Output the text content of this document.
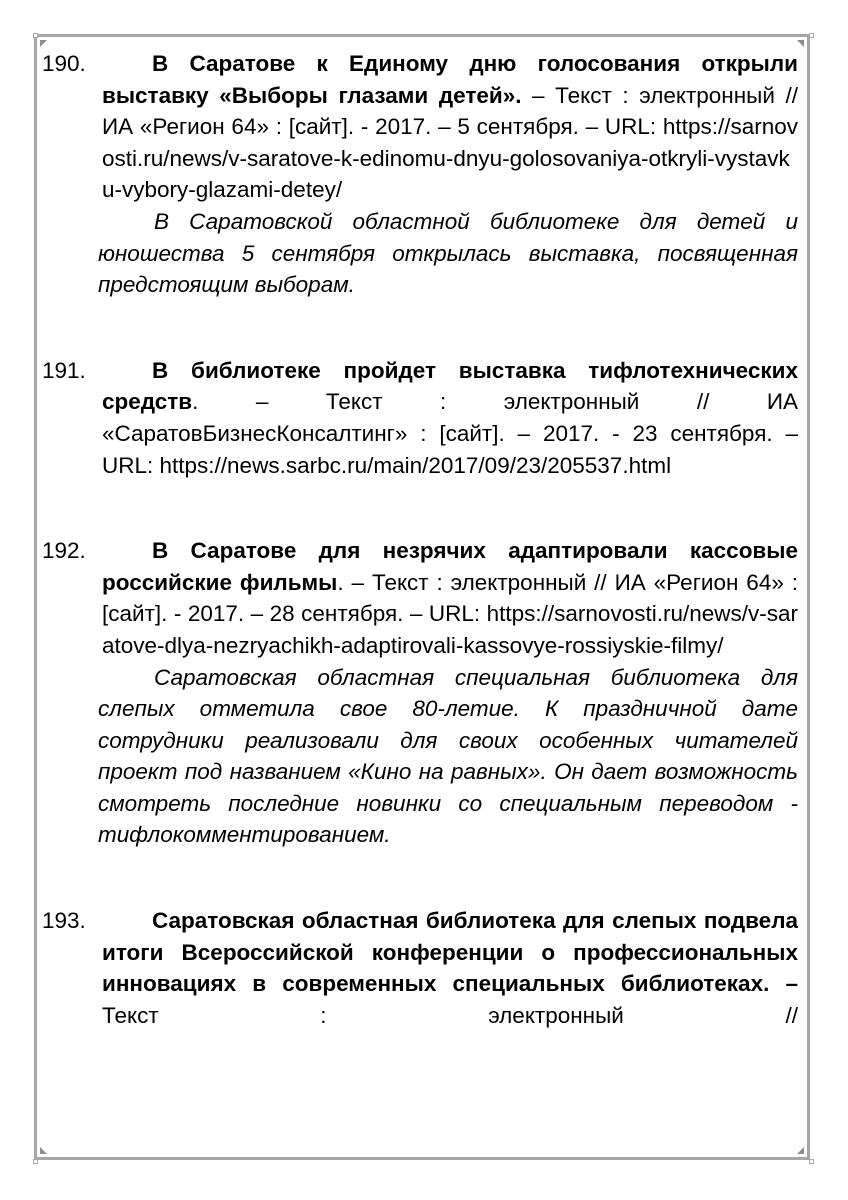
190.	В Саратове к Единому дню голосования открыли выставку «Выборы глазами детей». – Текст : электронный // ИА «Регион 64» : [сайт]. - 2017. – 5 сентября. – URL: https://sarnovosti.ru/news/v-saratove-k-edinomu-dnyu-golosovaniya-otkryli-vystavku-vybory-glazami-detey/
В Саратовской областной библиотеке для детей и юношества 5 сентября открылась выставка, посвященная предстоящим выборам.
191.	В библиотеке пройдет выставка тифлотехнических средств. – Текст : электронный // ИА «СаратовБизнесКонсалтинг» : [сайт]. – 2017. - 23 сентября. – URL: https://news.sarbc.ru/main/2017/09/23/205537.html
192.	В Саратове для незрячих адаптировали кассовые российские фильмы. – Текст : электронный // ИА «Регион 64» : [сайт]. - 2017. – 28 сентября. – URL: https://sarnovosti.ru/news/v-saratove-dlya-nezryachikh-adaptirovali-kassovye-rossiyskie-filmy/
Саратовская областная специальная библиотека для слепых отметила свое 80-летие. К праздничной дате сотрудники реализовали для своих особенных читателей проект под названием «Кино на равных». Он дает возможность смотреть последние новинки со специальным переводом - тифлокомментированием.
193.	Саратовская областная библиотека для слепых подвела итоги Всероссийской конференции о профессиональных инновациях в современных специальных библиотеках. – Текст : электронный //
